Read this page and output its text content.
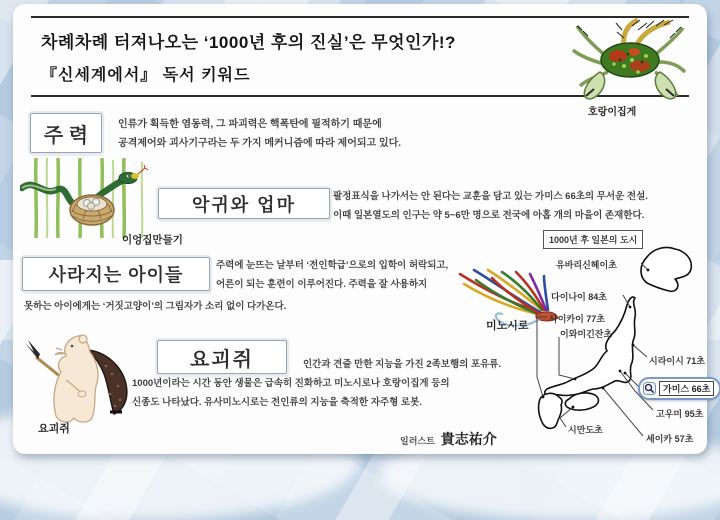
차례차례 터져나오는 ‘1000년 후의 진실’은 무엇인가!?
『신세계에서』 독서 키워드
호랑이집게
주 력	인류가 획득한 염동력, 그 파괴력은 핵폭탄에 필적하기 때문에
공격제어와 괴사기구라는 두 가지 메커니즘에 따라 제어되고 있다.
이엉집만들기
악귀와 업마	팔정표식을 나가서는 안 된다는 교훈을 담고 있는 가미스 66초의 무서운 전설.
이때 일본열도의 인구는 약 5~6만 명으로 전국에 아홉 개의 마을이 존재한다.
사라지는 아이들	주력에 눈뜨는 날부터 ‘전인학급’으로의 입학이 허락되고,
어른이 되는 훈련이 이루어진다. 주력을 잘 사용하지
못하는 아이에게는 ‘거짓고양이’의 그림자가 소리 없이 다가온다.
미노시로
요괴쥐	인간과 견줄 만한 지능을 가진 2족보행의 포유류.
1000년이라는 시간 동안 생물은 급속히 진화하고 미노시로나 호랑이집게 등의
신종도 나타났다. 유사미노시로는 전인류의 지능을 축적한 자주형 로봇.
요괴쥐
일러스트 貴志祐介
1000년 후 일본의 도시
유바리신헤이초
다이나이 84초
사이카이 77초
이와미긴잔초
시라이시 71초
가미스 66초
고우미 95초
시만도초
세이카 57초
